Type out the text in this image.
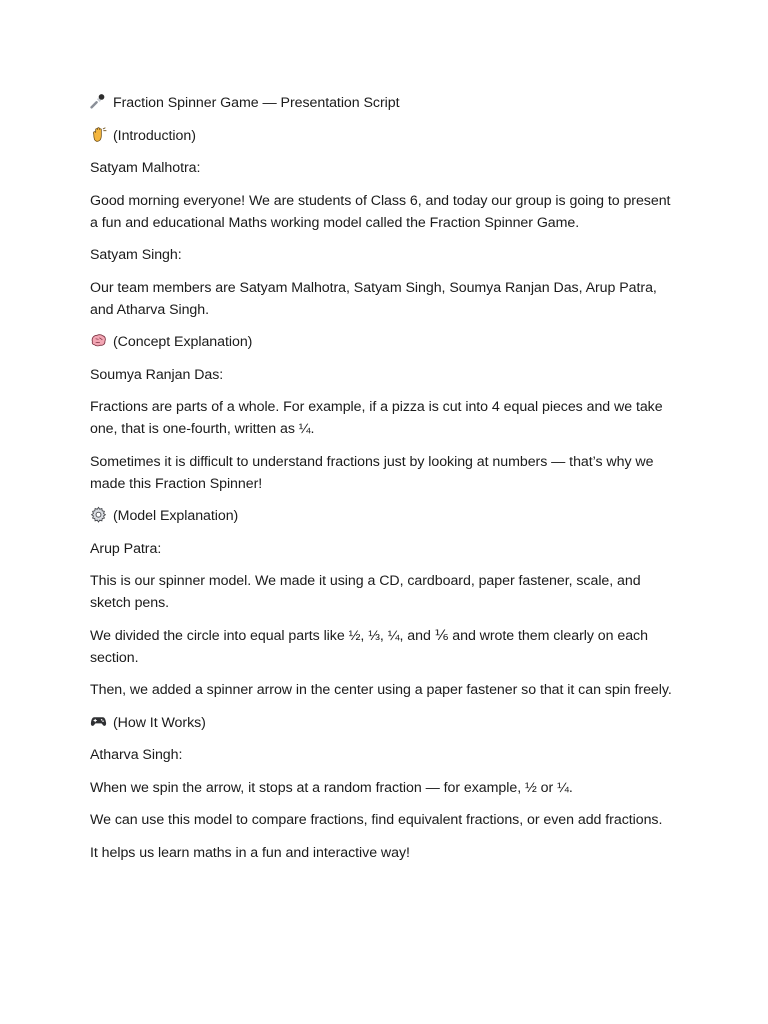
Fraction Spinner Game — Presentation Script

(Introduction)

Satyam Malhotra:

Good morning everyone! We are students of Class 6, and today our group is going to present a fun and educational Maths working model called the Fraction Spinner Game.

Satyam Singh:

Our team members are Satyam Malhotra, Satyam Singh, Soumya Ranjan Das, Arup Patra, and Atharva Singh.

(Concept Explanation)

Soumya Ranjan Das:

Fractions are parts of a whole. For example, if a pizza is cut into 4 equal pieces and we take one, that is one-fourth, written as ¼.

Sometimes it is difficult to understand fractions just by looking at numbers — that’s why we made this Fraction Spinner!

(Model Explanation)

Arup Patra:

This is our spinner model. We made it using a CD, cardboard, paper fastener, scale, and sketch pens.

We divided the circle into equal parts like ½, ⅓, ¼, and ⅙ and wrote them clearly on each section.

Then, we added a spinner arrow in the center using a paper fastener so that it can spin freely.

(How It Works)

Atharva Singh:

When we spin the arrow, it stops at a random fraction — for example, ½ or ¼.

We can use this model to compare fractions, find equivalent fractions, or even add fractions.

It helps us learn maths in a fun and interactive way!
